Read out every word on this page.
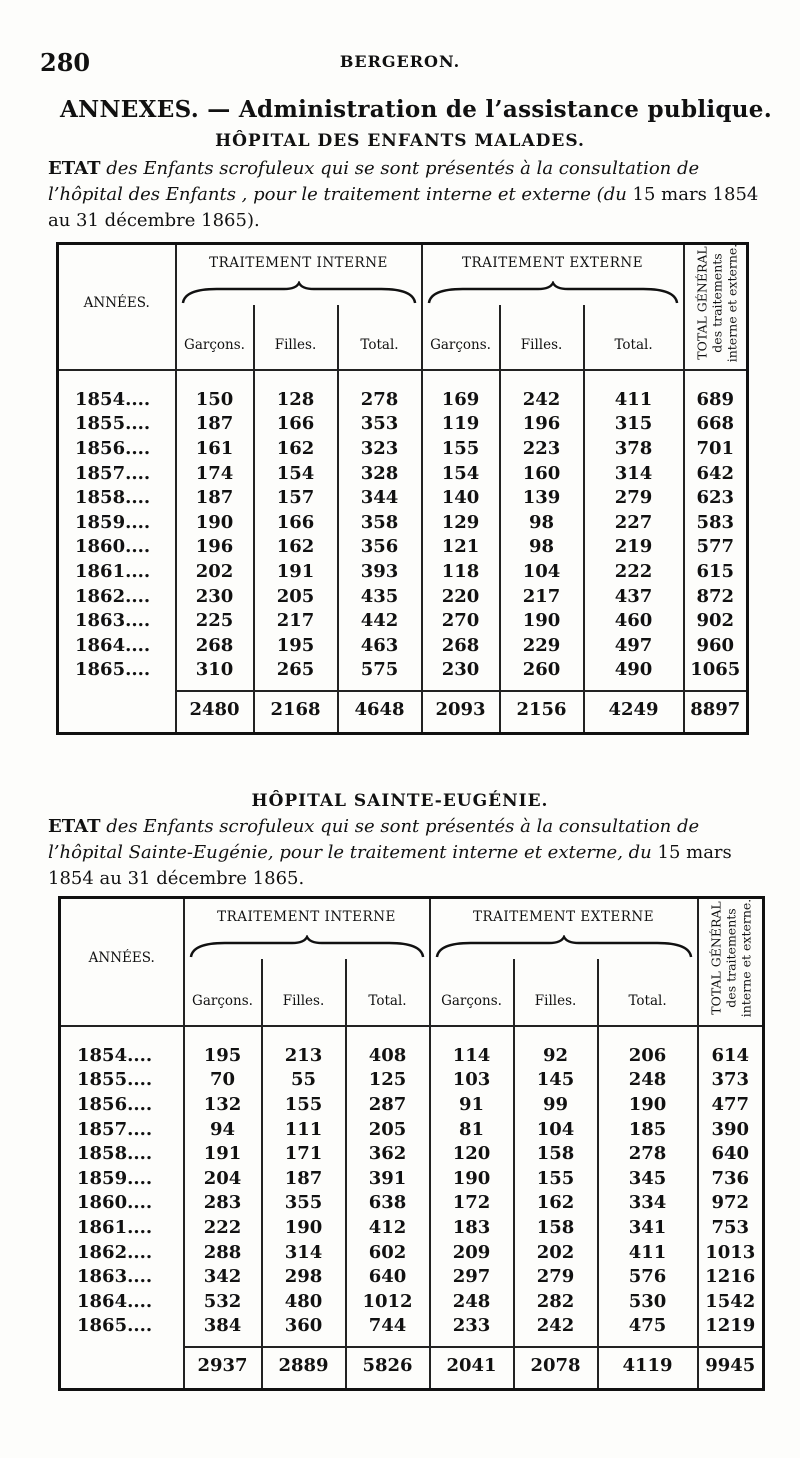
280	BERGERON.
ANNEXES. — Administration de l’assistance publique.
HÔPITAL DES ENFANTS MALADES.
ETAT des Enfants scrofuleux qui se sont présentés à la consultation de l’hôpital des Enfants , pour le traitement interne et externe (du 15 mars 1854 au 31 décembre 1865).
ANNÉES.	TRAITEMENT INTERNE			TRAITEMENT EXTERNE			TOTAL GÉNÉRAL
des traitements
interne et externe.

	Garçons.	Filles.	Total.	Garçons.	Filles.	Total.	

1854....	150	128	278	169	242	411	689
1855....	187	166	353	119	196	315	668
1856....	161	162	323	155	223	378	701
1857....	174	154	328	154	160	314	642
1858....	187	157	344	140	139	279	623
1859....	190	166	358	129	98	227	583
1860....	196	162	356	121	98	219	577
1861....	202	191	393	118	104	222	615
1862....	230	205	435	220	217	437	872
1863....	225	217	442	270	190	460	902
1864....	268	195	463	268	229	497	960
1865....	310	265	575	230	260	490	1065

	2480	2168	4648	2093	2156	4249	8897

HÔPITAL SAINTE-EUGÉNIE.
ETAT des Enfants scrofuleux qui se sont présentés à la consultation de l’hôpital Sainte-Eugénie, pour le traitement interne et externe, du 15 mars 1854 au 31 décembre 1865.
ANNÉES.	TRAITEMENT INTERNE			TRAITEMENT EXTERNE			TOTAL GÉNÉRAL
des traitements
interne et externe.

	Garçons.	Filles.	Total.	Garçons.	Filles.	Total.	

1854....	195	213	408	114	92	206	614
1855....	70	55	125	103	145	248	373
1856....	132	155	287	91	99	190	477
1857....	94	111	205	81	104	185	390
1858....	191	171	362	120	158	278	640
1859....	204	187	391	190	155	345	736
1860....	283	355	638	172	162	334	972
1861....	222	190	412	183	158	341	753
1862....	288	314	602	209	202	411	1013
1863....	342	298	640	297	279	576	1216
1864....	532	480	1012	248	282	530	1542
1865....	384	360	744	233	242	475	1219

	2937	2889	5826	2041	2078	4119	9945
